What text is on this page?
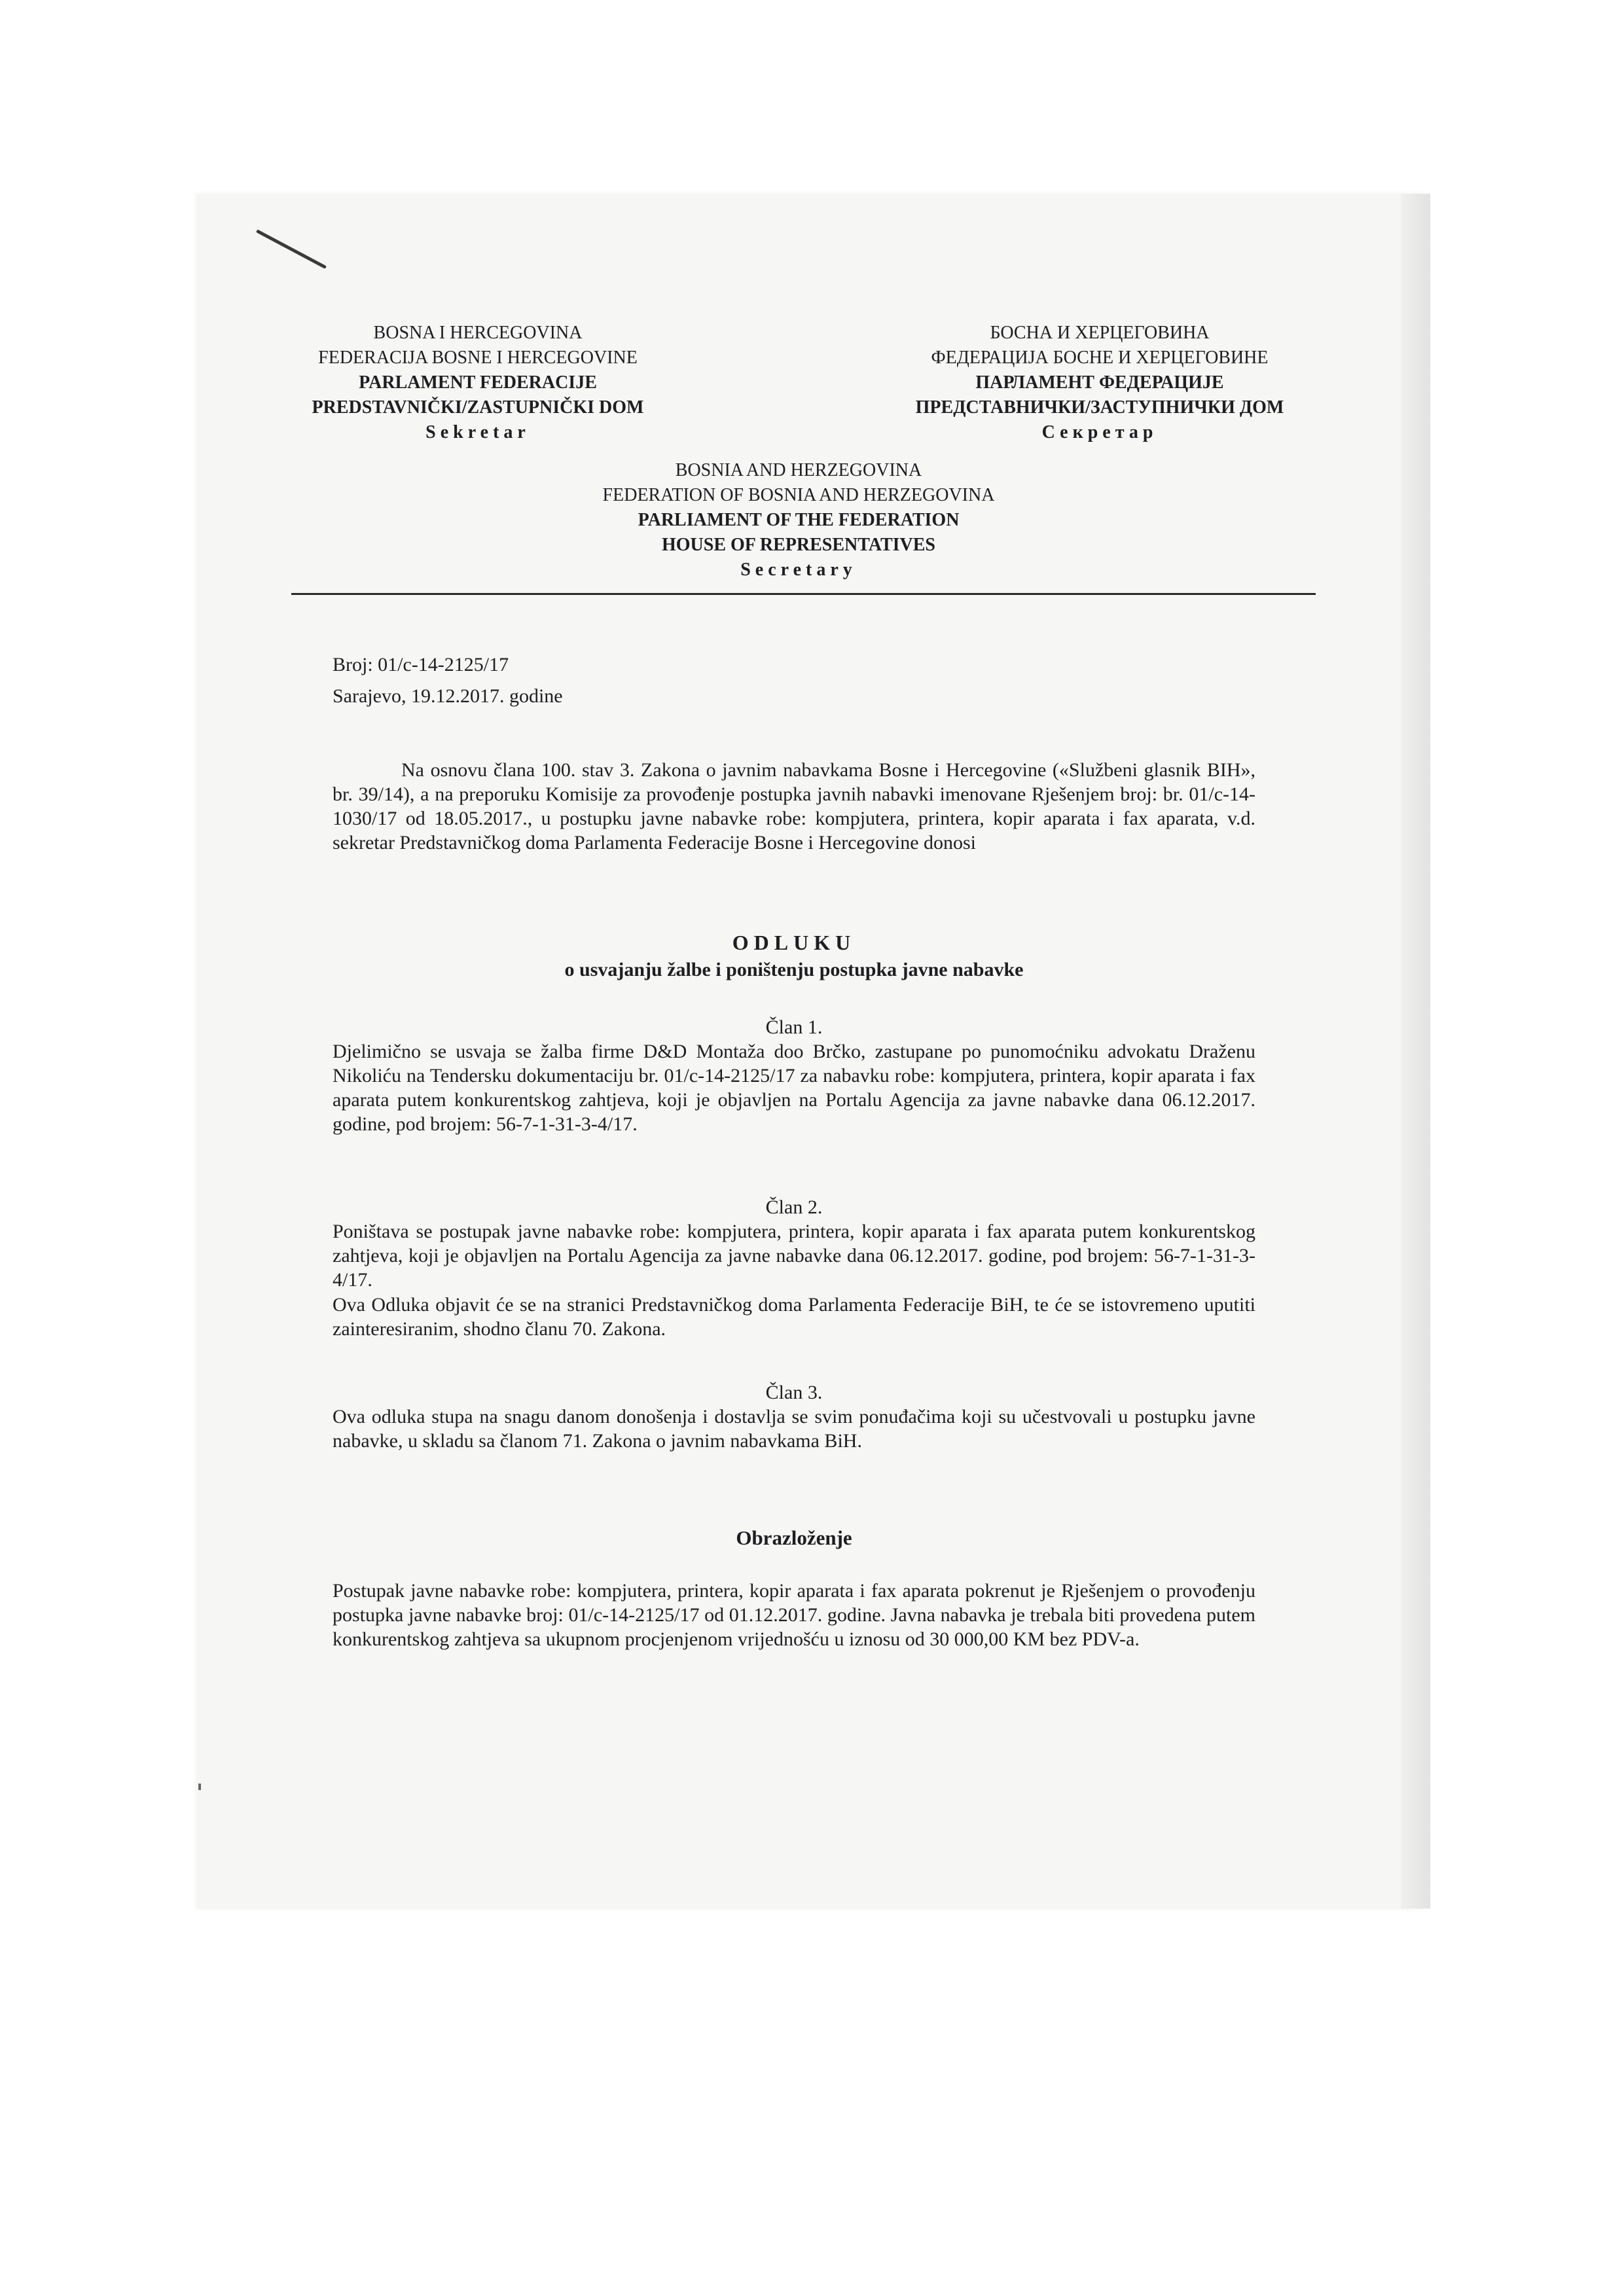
BOSNA I HERCEGOVINA
FEDERACIJA BOSNE I HERCEGOVINE
PARLAMENT FEDERACIJE
PREDSTAVNIČKI/ZASTUPNIČKI DOM
Sekretar
БОСНА И ХЕРЦЕГОВИНА
ФЕДЕРАЦИЈА БОСНЕ И ХЕРЦЕГОВИНЕ
ПАРЛАМЕНТ ФЕДЕРАЦИЈЕ
ПРЕДСТАВНИЧКИ/ЗАСТУПНИЧКИ ДОМ
Секретар
BOSNIA AND HERZEGOVINA
FEDERATION OF BOSNIA AND HERZEGOVINA
PARLIAMENT OF THE FEDERATION
HOUSE OF REPRESENTATIVES
Secretary
Broj: 01/c-14-2125/17
Sarajevo, 19.12.2017. godine
Na osnovu člana 100. stav 3. Zakona o javnim nabavkama Bosne i Hercegovine («Službeni glasnik BIH», br. 39/14), a na preporuku Komisije za provođenje postupka javnih nabavki imenovane Rješenjem broj: br. 01/c-14-1030/17 od 18.05.2017., u postupku javne nabavke robe: kompjutera, printera, kopir aparata i fax aparata, v.d. sekretar Predstavničkog doma Parlamenta Federacije Bosne i Hercegovine donosi
ODLUKU
o usvajanju žalbe i poništenju postupka javne nabavke
Član 1.
Djelimično se usvaja se žalba firme D&D Montaža doo Brčko, zastupane po punomoćniku advokatu Draženu Nikoliću na Tendersku dokumentaciju br. 01/c-14-2125/17 za nabavku robe: kompjutera, printera, kopir aparata i fax aparata putem konkurentskog zahtjeva, koji je objavljen na Portalu Agencija za javne nabavke dana 06.12.2017. godine, pod brojem: 56-7-1-31-3-4/17.
Član 2.
Poništava se postupak javne nabavke robe: kompjutera, printera, kopir aparata i fax aparata putem konkurentskog zahtjeva, koji je objavljen na Portalu Agencija za javne nabavke dana 06.12.2017. godine, pod brojem: 56-7-1-31-3-4/17.
Ova Odluka objavit će se na stranici Predstavničkog doma Parlamenta Federacije BiH, te će se istovremeno uputiti zainteresiranim, shodno članu 70. Zakona.
Član 3.
Ova odluka stupa na snagu danom donošenja i dostavlja se svim ponuđačima koji su učestvovali u postupku javne nabavke, u skladu sa članom 71. Zakona o javnim nabavkama BiH.
Obrazloženje
Postupak javne nabavke robe: kompjutera, printera, kopir aparata i fax aparata pokrenut je Rješenjem o provođenju postupka javne nabavke broj: 01/c-14-2125/17 od 01.12.2017. godine. Javna nabavka je trebala biti provedena putem konkurentskog zahtjeva sa ukupnom procjenjenom vrijednošću u iznosu od 30 000,00 KM bez PDV-a.
